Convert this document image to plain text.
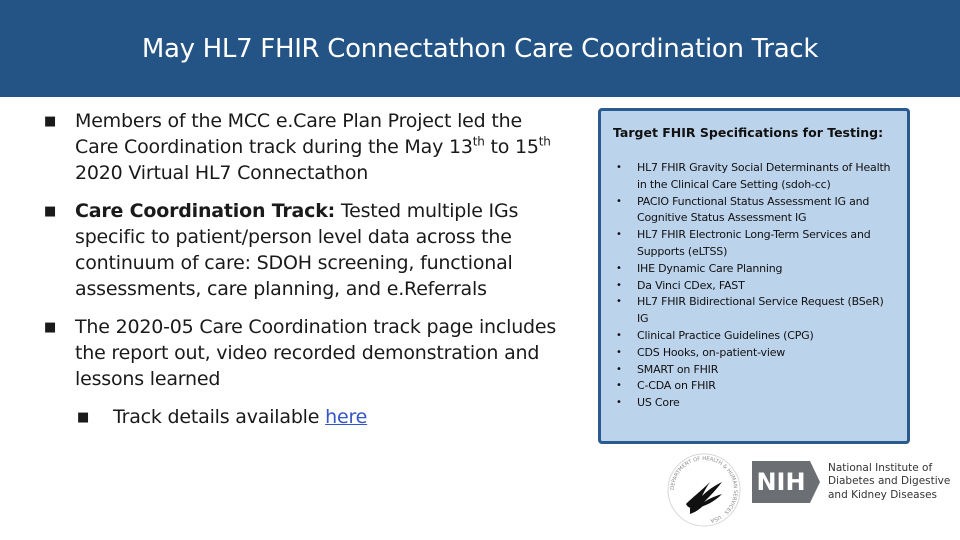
May HL7 FHIR Connectathon Care Coordination Track
■ Members of the MCC e.Care Plan Project led the Care Coordination track during the May 13th to 15th 2020 Virtual HL7 Connectathon
■ Care Coordination Track: Tested multiple IGs specific to patient/person level data across the continuum of care: SDOH screening, functional assessments, care planning, and e.Referrals
■ The 2020-05 Care Coordination track page includes the report out, video recorded demonstration and lessons learned
■ Track details available here
Target FHIR Specifications for Testing:
• HL7 FHIR Gravity Social Determinants of Health in the Clinical Care Setting (sdoh-cc)
• PACIO Functional Status Assessment IG and Cognitive Status Assessment IG
• HL7 FHIR Electronic Long-Term Services and Supports (eLTSS)
• IHE Dynamic Care Planning
• Da Vinci CDex, FAST
• HL7 FHIR Bidirectional Service Request (BSeR) IG
• Clinical Practice Guidelines (CPG)
• CDS Hooks, on-patient-view
• SMART on FHIR
• C-CDA on FHIR
• US Core
DEPARTMENT OF HEALTH & HUMAN SERVICES · USA
NIH
National Institute of
Diabetes and Digestive
and Kidney Diseases
